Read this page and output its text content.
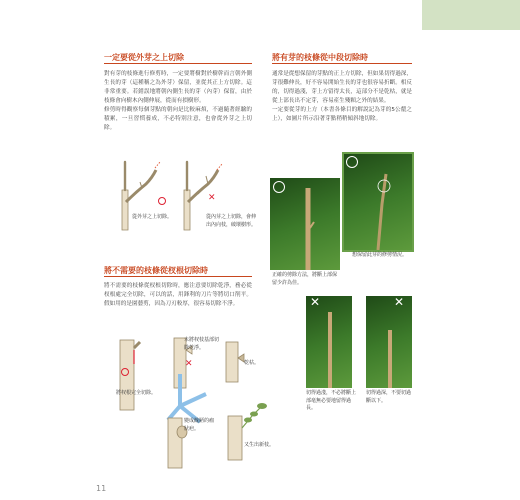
一定要從外芽之上切除
對有芽的枝條進行修剪時，一定要將樹對於樹幹而言朝外側生長的芽（這種稱之為外芽）保留，並從其正上方切除。這非常重要。若錯誤地將朝內側生長的芽（內芽）保留，由於枝條會向樹木內側伸展，從而有損樹形。
修剪時得觀察每個芽點的朝向是比較麻煩，不過隨著經驗的積累，一旦習慣養成，不必特別注意，也會從外芽之上切除。
從外芽之上切除。
✕
從內芽之上切除，會伸出內向枝，破壞樹形。
將不需要的枝條從杈根切除時
將不需要的枝條從杈根切除時，應注意要切除乾淨，務必從杈根處完全切除，可以的話，用鋒利的刀片等將切口削平。假如用的是園藝剪，因為刀刃較厚，很容易切除不淨。
將杈根完全切除。
✕
未將杈枝基部切除乾淨。
乾枯。
變成醜陋的瘤狀疤。
又生出新枝。
將有芽的枝條從中段切除時
通常是從想保留的芽點的正上方切除，但如果切得過深，芽很難伸長，好不容易開始生長的芽也很容易折斷。相反的，切得過淺，芽上方留得太長，這部分不是乾枯，就是從上部長出不定芽，容易產生殘顆之外的結果。
一定要從芽的上方（本書各條目的解說記為芽的5公釐之上），如圖片所示沿著芽點稍稍傾斜地切除。
想保留此芽的修剪情況。
正確的剪除方法，將斷上部保留少許為佳。
✕
切得過淺，不必將斷上部毫無必要地留得過長。
✕
切得過深，不要切過斷以下。
11
